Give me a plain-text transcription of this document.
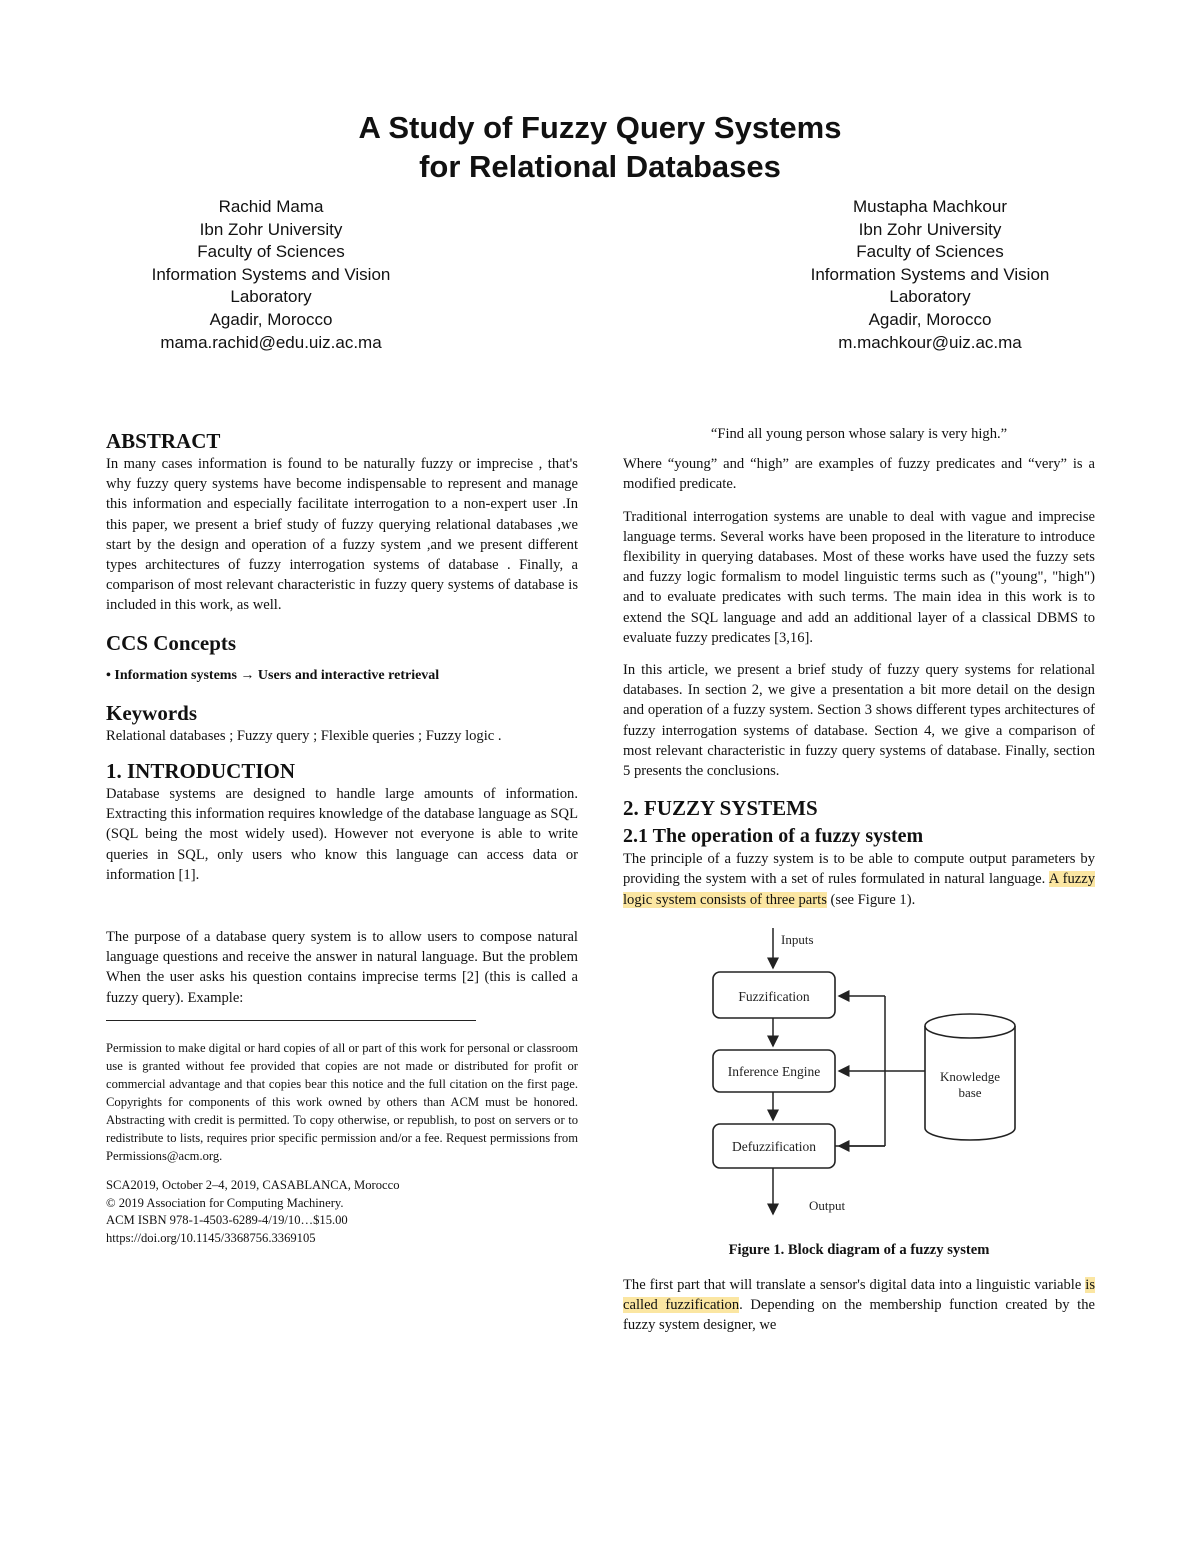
A Study of Fuzzy Query Systems
for Relational Databases
Rachid Mama
Ibn Zohr University
Faculty of Sciences
Information Systems and Vision
Laboratory
Agadir, Morocco
mama.rachid@edu.uiz.ac.ma
Mustapha Machkour
Ibn Zohr University
Faculty of Sciences
Information Systems and Vision
Laboratory
Agadir, Morocco
m.machkour@uiz.ac.ma
ABSTRACT

In many cases information is found to be naturally fuzzy or imprecise , that's why fuzzy query systems have become indispensable to represent and manage this information and especially facilitate interrogation to a non-expert user .In this paper, we present a brief study of fuzzy querying relational databases ,we start by the design and operation of a fuzzy system ,and we present different types architectures of fuzzy interrogation systems of database . Finally, a comparison of most relevant characteristic in fuzzy query systems of database is included in this work, as well.

CCS Concepts

• Information systems → Users and interactive retrieval

Keywords

Relational databases ; Fuzzy query ; Flexible queries ; Fuzzy logic .

1. INTRODUCTION

Database systems are designed to handle large amounts of information. Extracting this information requires knowledge of the database language as SQL (SQL being the most widely used). However not everyone is able to write queries in SQL, only users who know this language can access data or information [1].

The purpose of a database query system is to allow users to compose natural language questions and receive the answer in natural language. But the problem When the user asks his question contains imprecise terms [2] (this is called a fuzzy query). Example:

Permission to make digital or hard copies of all or part of this work for personal or classroom use is granted without fee provided that copies are not made or distributed for profit or commercial advantage and that copies bear this notice and the full citation on the first page. Copyrights for components of this work owned by others than ACM must be honored. Abstracting with credit is permitted. To copy otherwise, or republish, to post on servers or to redistribute to lists, requires prior specific permission and/or a fee. Request permissions from Permissions@acm.org.

SCA2019, October 2–4, 2019, CASABLANCA, Morocco
© 2019 Association for Computing Machinery.
ACM ISBN 978-1-4503-6289-4/19/10…$15.00
https://doi.org/10.1145/3368756.3369105

“Find all young person whose salary is very high.”

Where “young” and “high” are examples of fuzzy predicates and “very” is a modified predicate.

Traditional interrogation systems are unable to deal with vague and imprecise language terms. Several works have been proposed in the literature to introduce flexibility in querying databases. Most of these works have used the fuzzy sets and fuzzy logic formalism to model linguistic terms such as ("young", "high") and to evaluate predicates with such terms. The main idea in this work is to extend the SQL language and add an additional layer of a classical DBMS to evaluate fuzzy predicates [3,16].

In this article, we present a brief study of fuzzy query systems for relational databases. In section 2, we give a presentation a bit more detail on the design and operation of a fuzzy system. Section 3 shows different types architectures of fuzzy interrogation systems of database. Section 4, we give a comparison of most relevant characteristic in fuzzy query systems of database. Finally, section 5 presents the conclusions.

2. FUZZY SYSTEMS
2.1 The operation of a fuzzy system

The principle of a fuzzy system is to be able to compute output parameters by providing the system with a set of rules formulated in natural language. A fuzzy logic system consists of three parts (see Figure 1).

Inputs
Fuzzification
Inference Engine
Defuzzification
Output
Knowledge
base

Figure 1. Block diagram of a fuzzy system

The first part that will translate a sensor's digital data into a linguistic variable is called fuzzification. Depending on the membership function created by the fuzzy system designer, we
